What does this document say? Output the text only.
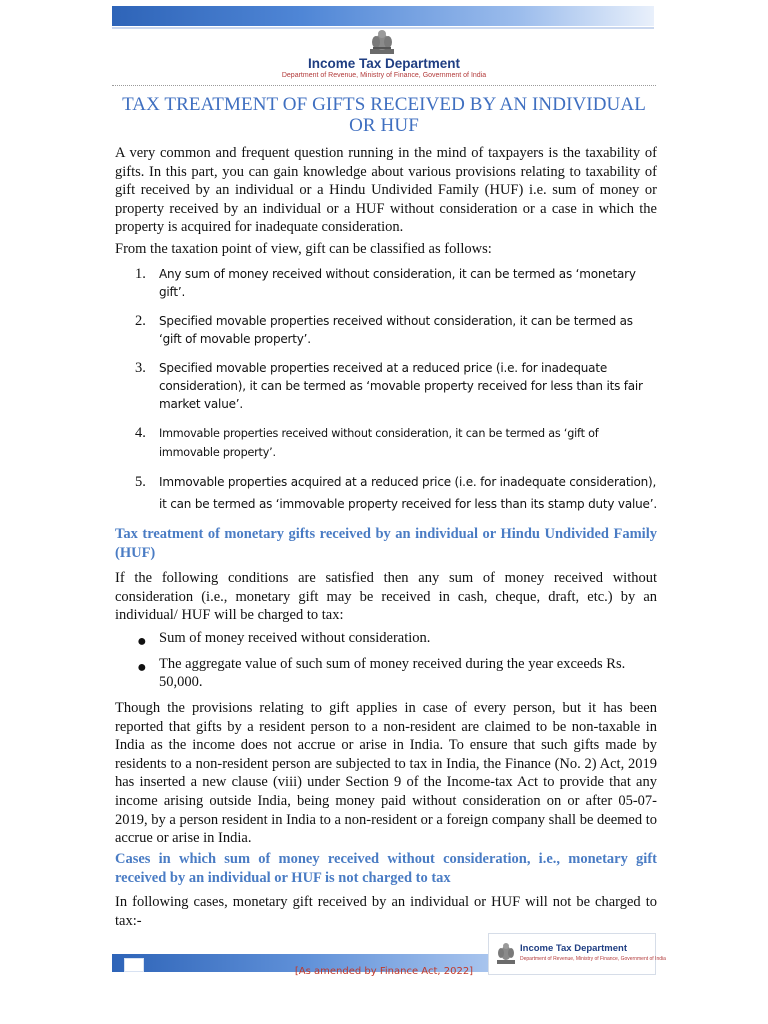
Income Tax Department
Department of Revenue, Ministry of Finance, Government of India
TAX TREATMENT OF GIFTS RECEIVED BY AN INDIVIDUAL OR HUF
A very common and frequent question running in the mind of taxpayers is the taxability of gifts. In this part, you can gain knowledge about various provisions relating to taxability of gift received by an individual or a Hindu Undivided Family (HUF) i.e. sum of money or property received by an individual or a HUF without consideration or a case in which the property is acquired for inadequate consideration.
From the taxation point of view, gift can be classified as follows:
1. Any sum of money received without consideration, it can be termed as ‘monetary gift’.
2. Specified movable properties received without consideration, it can be termed as ‘gift of movable property’.
3. Specified movable properties received at a reduced price (i.e. for inadequate consideration), it can be termed as ‘movable property received for less than its fair market value’.
4. Immovable properties received without consideration, it can be termed as ‘gift of immovable property’.
5. Immovable properties acquired at a reduced price (i.e. for inadequate consideration), it can be termed as ‘immovable property received for less than its stamp duty value’.
Tax treatment of monetary gifts received by an individual or Hindu Undivided Family (HUF)
If the following conditions are satisfied then any sum of money received without consideration (i.e., monetary gift may be received in cash, cheque, draft, etc.) by an individual/ HUF will be charged to tax:
● Sum of money received without consideration.
● The aggregate value of such sum of money received during the year exceeds Rs. 50,000.
Though the provisions relating to gift applies in case of every person, but it has been reported that gifts by a resident person to a non-resident are claimed to be non-taxable in India as the income does not accrue or arise in India. To ensure that such gifts made by residents to a non-resident person are subjected to tax in India, the Finance (No. 2) Act, 2019 has inserted a new clause (viii) under Section 9 of the Income-tax Act to provide that any income arising outside India, being money paid without consideration on or after 05-07-2019, by a person resident in India to a non-resident or a foreign company shall be deemed to accrue or arise in India.
Cases in which sum of money received without consideration, i.e., monetary gift received by an individual or HUF is not charged to tax
In following cases, monetary gift received by an individual or HUF will not be charged to tax:-
Income Tax Department
Department of Revenue, Ministry of Finance, Government of India
[As amended by Finance Act, 2022]
